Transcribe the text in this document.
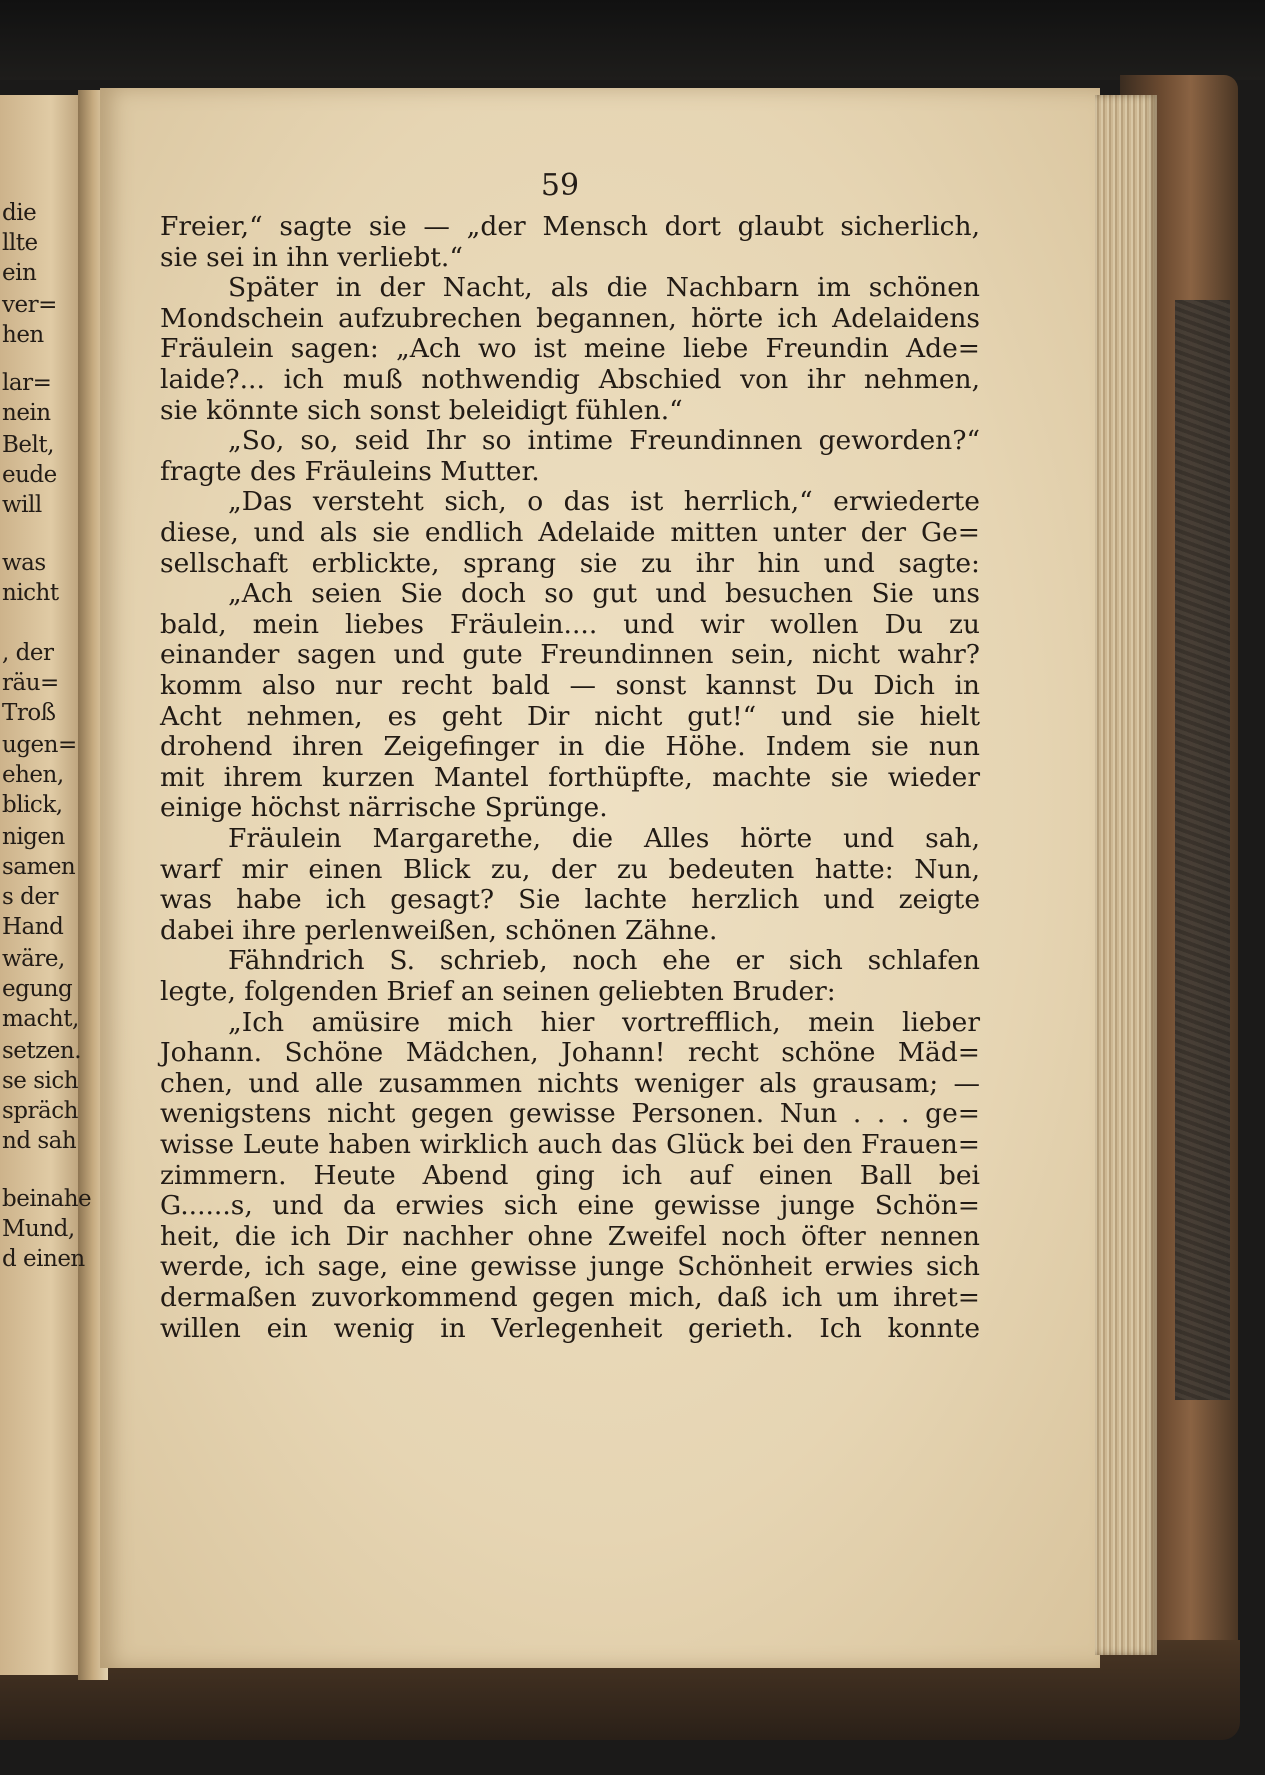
die
llte
ein
ver=
hen
lar=
nein
Belt,
eude
will
was
nicht
, der
räu=
Troß
ugen=
ehen,
blick,
nigen
samen
s der
Hand
wäre,
egung
macht,
setzen.
se sich
spräch
nd sah
beinahe
Mund,
d einen
59
Freier,“ sagte sie — „der Mensch dort glaubt sicherlich,
sie sei in ihn verliebt.“
Später in der Nacht, als die Nachbarn im schönen
Mondschein aufzubrechen begannen, hörte ich Adelaidens
Fräulein sagen: „Ach wo ist meine liebe Freundin Ade=
laide?... ich muß nothwendig Abschied von ihr nehmen,
sie könnte sich sonst beleidigt fühlen.“
„So, so, seid Ihr so intime Freundinnen geworden?“
fragte des Fräuleins Mutter.
„Das versteht sich, o das ist herrlich,“ erwiederte
diese, und als sie endlich Adelaide mitten unter der Ge=
sellschaft erblickte, sprang sie zu ihr hin und sagte:
„Ach seien Sie doch so gut und besuchen Sie uns
bald, mein liebes Fräulein.... und wir wollen Du zu
einander sagen und gute Freundinnen sein, nicht wahr?
komm also nur recht bald — sonst kannst Du Dich in
Acht nehmen, es geht Dir nicht gut!“ und sie hielt
drohend ihren Zeigefinger in die Höhe. Indem sie nun
mit ihrem kurzen Mantel forthüpfte, machte sie wieder
einige höchst närrische Sprünge.
Fräulein Margarethe, die Alles hörte und sah,
warf mir einen Blick zu, der zu bedeuten hatte: Nun,
was habe ich gesagt? Sie lachte herzlich und zeigte
dabei ihre perlenweißen, schönen Zähne.
Fähndrich S. schrieb, noch ehe er sich schlafen
legte, folgenden Brief an seinen geliebten Bruder:
„Ich amüsire mich hier vortrefflich, mein lieber
Johann. Schöne Mädchen, Johann! recht schöne Mäd=
chen, und alle zusammen nichts weniger als grausam; —
wenigstens nicht gegen gewisse Personen. Nun . . . ge=
wisse Leute haben wirklich auch das Glück bei den Frauen=
zimmern. Heute Abend ging ich auf einen Ball bei
G......s, und da erwies sich eine gewisse junge Schön=
heit, die ich Dir nachher ohne Zweifel noch öfter nennen
werde, ich sage, eine gewisse junge Schönheit erwies sich
dermaßen zuvorkommend gegen mich, daß ich um ihret=
willen ein wenig in Verlegenheit gerieth. Ich konnte
